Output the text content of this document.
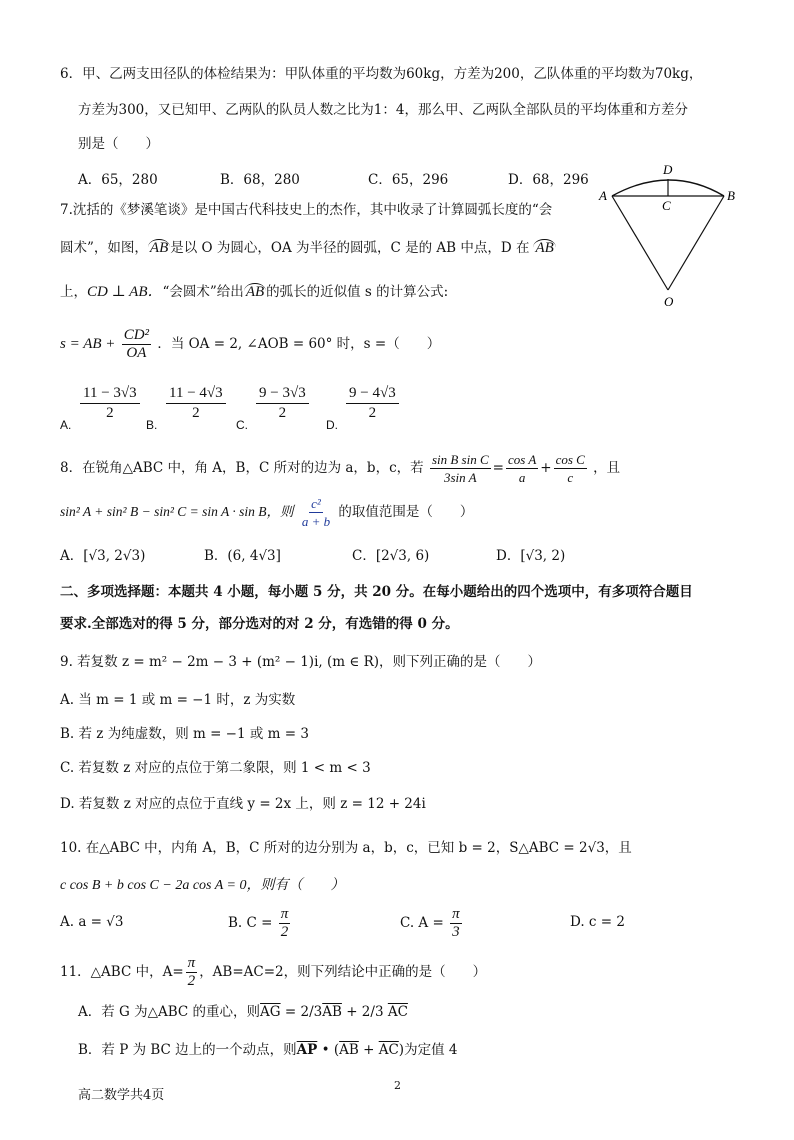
6．甲、乙两支田径队的体检结果为：甲队体重的平均数为60kg，方差为200，乙队体重的平均数为70kg，
方差为300，又已知甲、乙两队的队员人数之比为1：4，那么甲、乙两队全部队员的平均体重和方差分
别是（　　）
A．65，280	B．68，280	C．65，296	D．68，296
A	B
C
D
O
7.沈括的《梦溪笔谈》是中国古代科技史上的杰作，其中收录了计算圆弧长度的“会
圆术”，如图， AB 是以 O 为圆心，OA 为半径的圆弧，C 是的 AB 中点，D 在 AB
上，CD ⊥ AB．“会圆术”给出 AB 的弧长的近似值 s 的计算公式:
s = AB + $\frac{\text{CD²}}{OA}$ ．当 OA = 2, ∠AOB = 60° 时，s =（　　）
$\frac{11 - 3√3}{2}$
A.
$\frac{11 - 4√3}{2}$
B.
$\frac{9 - 3√3}{2}$
C.
$\frac{9 - 4√3}{2}$
D.
8．在锐角△ABC 中，角 A，B，C 所对的边为 a，b，c，若 $\frac{\text{sin B sin C}}{\text{3sin A}} = \frac{\text{cos A}}{a} + \frac{\text{cos C}}{c}$ ，且
sin² A + sin² B − sin² C = sin A · sin B，则 $\frac{\text{c²}}{a + b}$ 的取值范围是（　　）
A．[√3, 2√3)	B．(6, 4√3]	C．[2√3, 6)	D．[√3, 2)
二、多项选择题：本题共 4 小题，每小题 5 分，共 20 分。在每小题给出的四个选项中，有多项符合题目
要求.全部选对的得 5 分，部分选对的对 2 分，有选错的得 0 分。
9. 若复数 z = m² − 2m − 3 + (m² − 1)i, (m ∈ R)，则下列正确的是（　　）
A. 当 m = 1 或 m = −1 时，z 为实数
B. 若 z 为纯虚数，则 m = −1 或 m = 3
C. 若复数 z 对应的点位于第二象限，则 1 < m < 3
D. 若复数 z 对应的点位于直线 y = 2x 上，则 z = 12 + 24i
10. 在△ABC 中，内角 A，B，C 所对的边分别为 a，b，c，已知 b = 2，S△ABC = 2√3，且
c cos B + b cos C − 2a cos A = 0，则有（　　）
A. a = √3	B. $C = \frac{\pi}{2}$	C. $A = \frac{\pi}{3}$	D. c = 2
11．△ABC 中，$A= \frac{\pi}{2}$ ，AB=AC=2，则下列结论中正确的是（　　）
A．若 G 为△ABC 的重心，则$\overline{AG} = 2/3\overline{AB} + 2/3$ $\overline{AC}$
B．若 P 为 BC 边上的一个动点，则$\overline{AP}$ • $(\overline{AB} + \overline{AC})$为定值 4
高二数学共4页
2
